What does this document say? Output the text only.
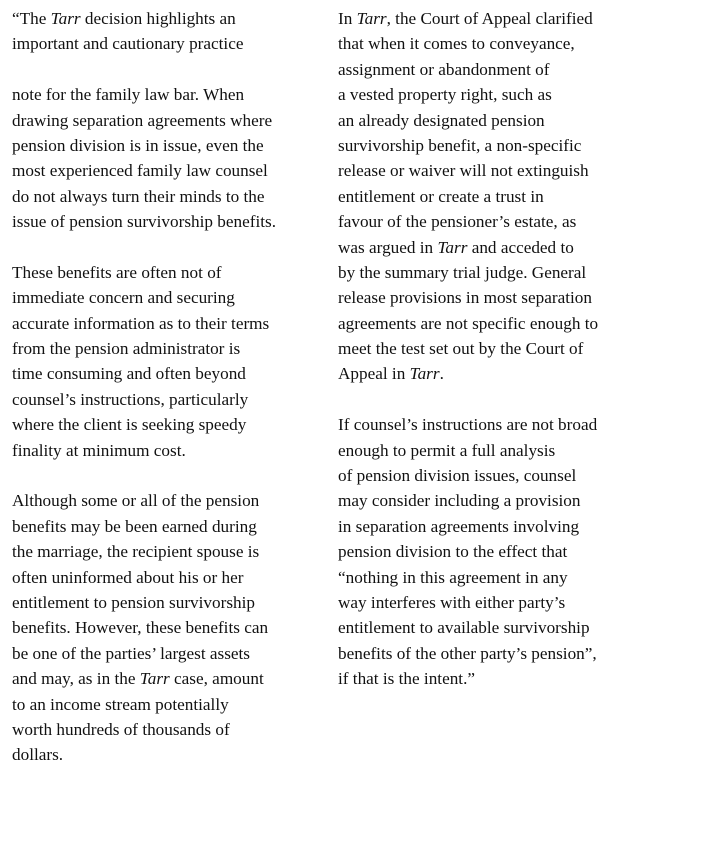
“The Tarr decision highlights an
important and cautionary practice
note for the family law bar. When
drawing separation agreements where
pension division is in issue, even the
most experienced family law counsel
do not always turn their minds to the
issue of pension survivorship benefits.
These benefits are often not of
immediate concern and securing
accurate information as to their terms
from the pension administrator is
time consuming and often beyond
counsel’s instructions, particularly
where the client is seeking speedy
finality at minimum cost.
Although some or all of the pension
benefits may be been earned during
the marriage, the recipient spouse is
often uninformed about his or her
entitlement to pension survivorship
benefits. However, these benefits can
be one of the parties’ largest assets
and may, as in the Tarr case, amount
to an income stream potentially
worth hundreds of thousands of
dollars.
In Tarr, the Court of Appeal clarified
that when it comes to conveyance,
assignment or abandonment of
a vested property right, such as
an already designated pension
survivorship benefit, a non-specific
release or waiver will not extinguish
entitlement or create a trust in
favour of the pensioner’s estate, as
was argued in Tarr and acceded to
by the summary trial judge. General
release provisions in most separation
agreements are not specific enough to
meet the test set out by the Court of
Appeal in Tarr.
If counsel’s instructions are not broad
enough to permit a full analysis
of pension division issues, counsel
may consider including a provision
in separation agreements involving
pension division to the effect that
“nothing in this agreement in any
way interferes with either party’s
entitlement to available survivorship
benefits of the other party’s pension”,
if that is the intent.”
